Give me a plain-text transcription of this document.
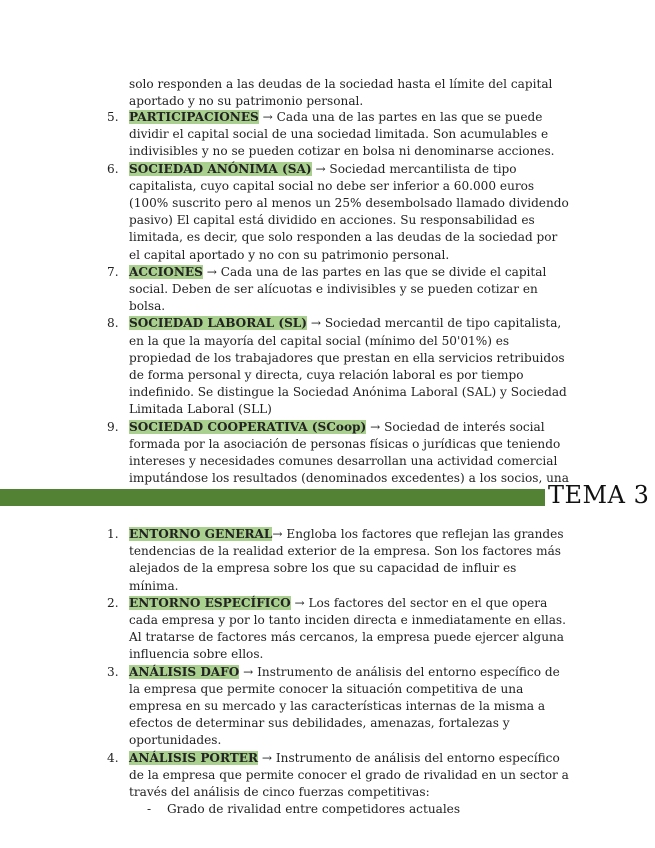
solo responden a las deudas de la sociedad hasta el límite del capital aportado y no su patrimonio personal.
5. PARTICIPACIONES → Cada una de las partes en las que se puede dividir el capital social de una sociedad limitada. Son acumulables e indivisibles y no se pueden cotizar en bolsa ni denominarse acciones.
6. SOCIEDAD ANÓNIMA (SA) → Sociedad mercantilista de tipo capitalista, cuyo capital social no debe ser inferior a 60.000 euros (100% suscrito pero al menos un 25% desembolsado llamado dividendo pasivo) El capital está dividido en acciones. Su responsabilidad es limitada, es decir, que solo responden a las deudas de la sociedad por el capital aportado y no con su patrimonio personal.
7. ACCIONES → Cada una de las partes en las que se divide el capital social. Deben de ser alícuotas e indivisibles y se pueden cotizar en bolsa.
8. SOCIEDAD LABORAL (SL) → Sociedad mercantil de tipo capitalista, en la que la mayoría del capital social (mínimo del 50'01%) es propiedad de los trabajadores que prestan en ella servicios retribuidos de forma personal y directa, cuya relación laboral es por tiempo indefinido. Se distingue la Sociedad Anónima Laboral (SAL) y Sociedad Limitada Laboral (SLL)
9. SOCIEDAD COOPERATIVA (SCoop) → Sociedad de interés social formada por la asociación de personas físicas o jurídicas que teniendo intereses y necesidades comunes desarrollan una actividad comercial imputándose los resultados (denominados excedentes) a los socios, una
TEMA 3
1. ENTORNO GENERAL→ Engloba los factores que reflejan las grandes tendencias de la realidad exterior de la empresa. Son los factores más alejados de la empresa sobre los que su capacidad de influir es mínima.
2. ENTORNO ESPECÍFICO → Los factores del sector en el que opera cada empresa y por lo tanto inciden directa e inmediatamente en ellas. Al tratarse de factores más cercanos, la empresa puede ejercer alguna influencia sobre ellos.
3. ANÁLISIS DAFO → Instrumento de análisis del entorno específico de la empresa que permite conocer la situación competitiva de una empresa en su mercado y las características internas de la misma a efectos de determinar sus debilidades, amenazas, fortalezas y oportunidades.
4. ANÁLISIS PORTER → Instrumento de análisis del entorno específico de la empresa que permite conocer el grado de rivalidad en un sector a través del análisis de cinco fuerzas competitivas:
- Grado de rivalidad entre competidores actuales
